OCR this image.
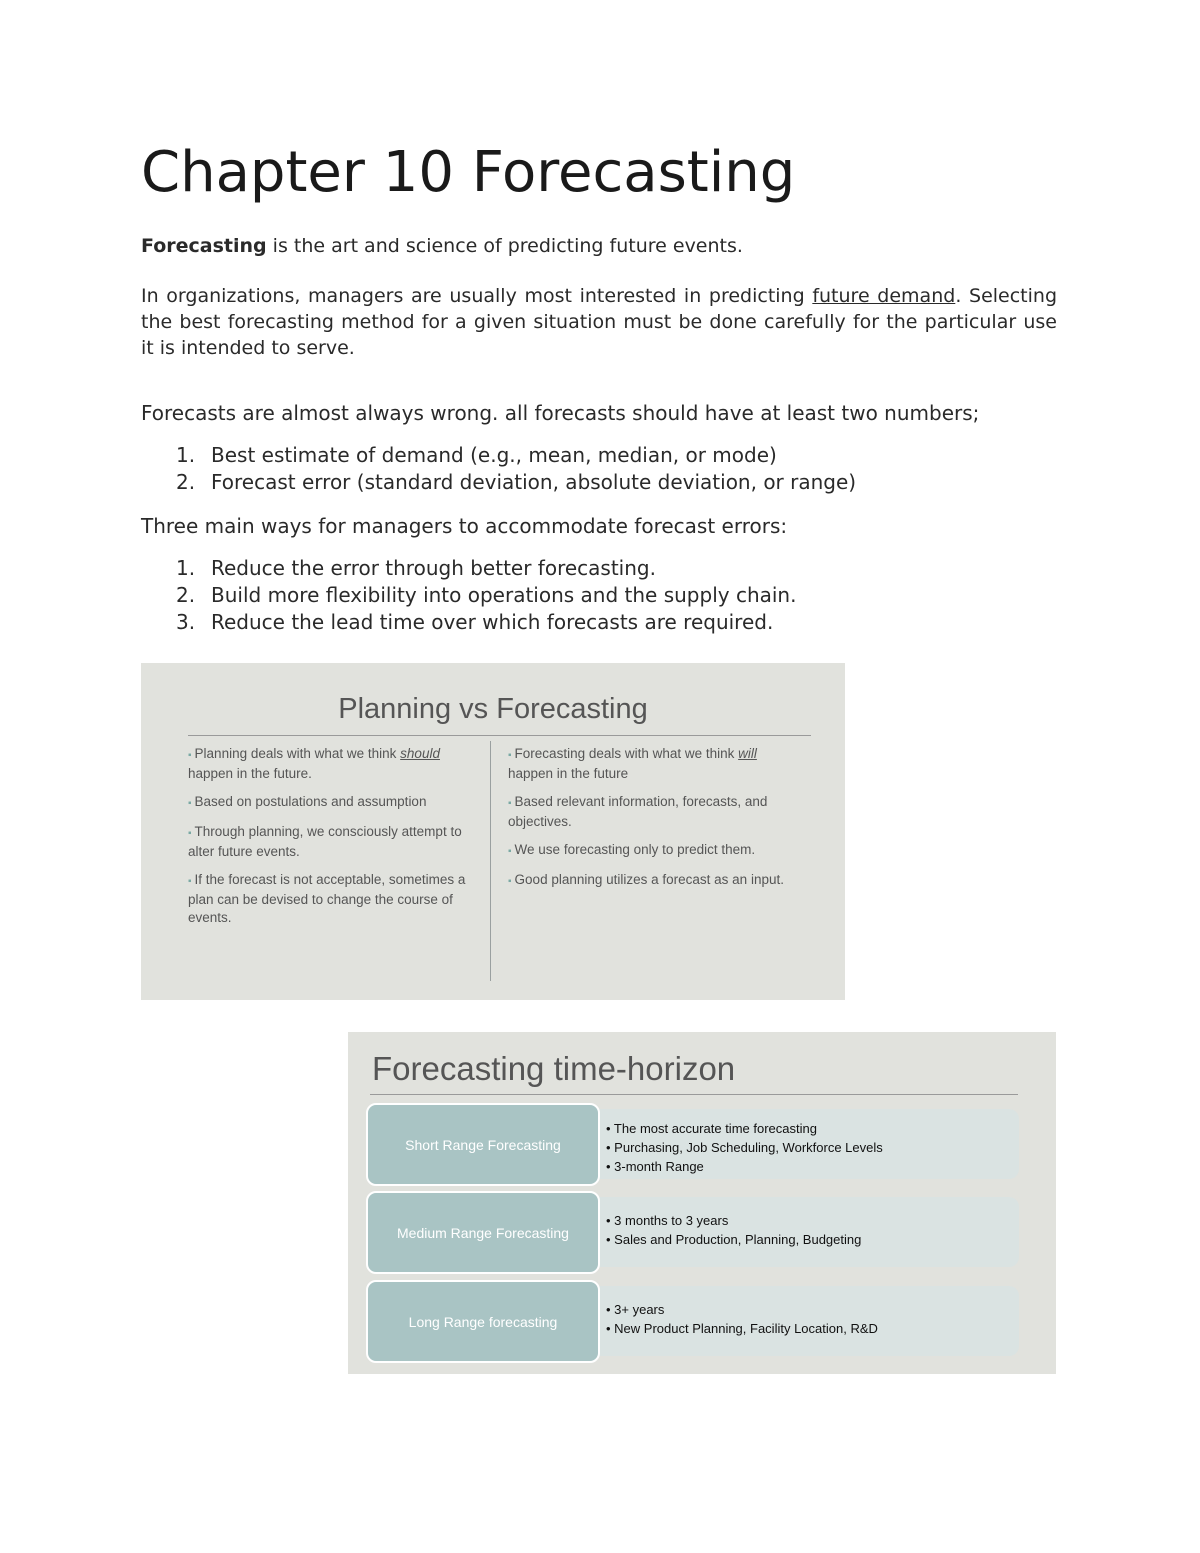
Chapter 10 Forecasting

Forecasting is the art and science of predicting future events.

In organizations, managers are usually most interested in predicting future demand. Selecting the best forecasting method for a given situation must be done carefully for the particular use it is intended to serve.

Forecasts are almost always wrong. all forecasts should have at least two numbers;
1. Best estimate of demand (e.g., mean, median, or mode)
2. Forecast error (standard deviation, absolute deviation, or range)
Three main ways for managers to accommodate forecast errors:
1. Reduce the error through better forecasting.
2. Build more flexibility into operations and the supply chain.
3. Reduce the lead time over which forecasts are required.
Planning vs Forecasting
▪ Planning deals with what we think should happen in the future.
▪ Based on postulations and assumption
▪ Through planning, we consciously attempt to alter future events.
▪ If the forecast is not acceptable, sometimes a plan can be devised to change the course of events.
▪ Forecasting deals with what we think will happen in the future
▪ Based relevant information, forecasts, and objectives.
▪ We use forecasting only to predict them.
▪ Good planning utilizes a forecast as an input.
Forecasting time-horizon
• The most accurate time forecasting
• Purchasing, Job Scheduling, Workforce Levels
• 3-month Range
Short Range Forecasting
• 3 months to 3 years
• Sales and Production, Planning, Budgeting
Medium Range Forecasting
• 3+ years
• New Product Planning, Facility Location, R&D
Long Range forecasting
